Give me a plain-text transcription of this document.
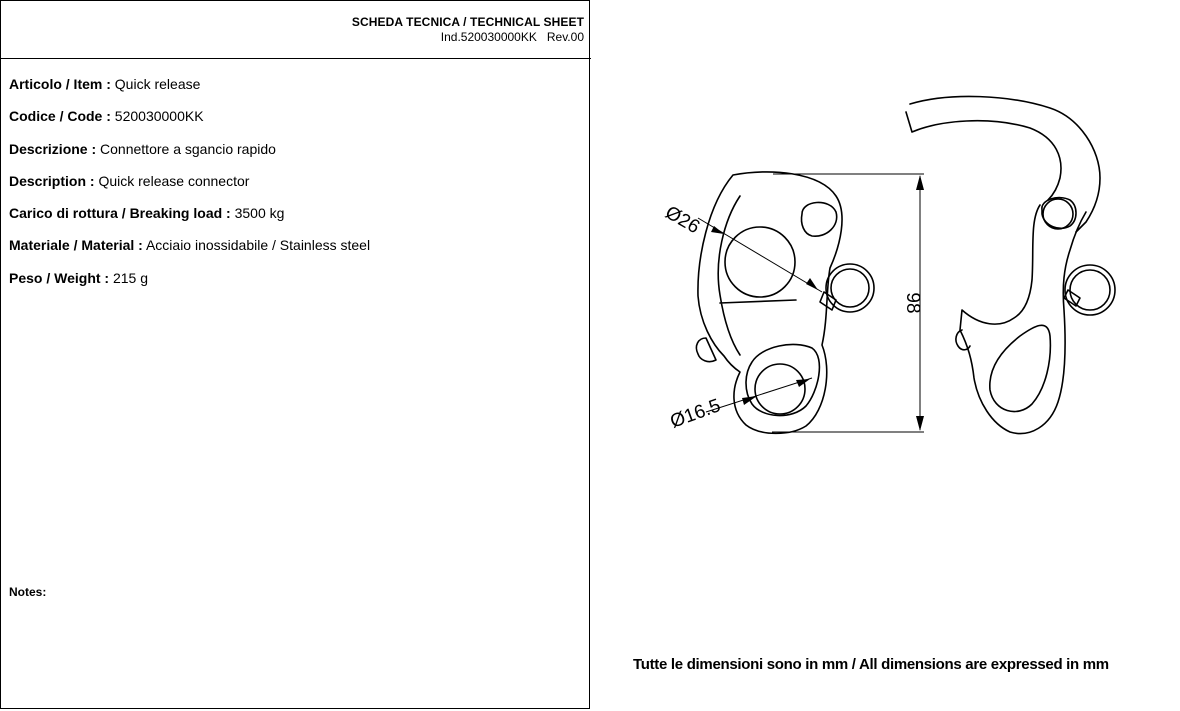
SCHEDA TECNICA / TECHNICAL SHEET
Ind.520030000KK Rev.00
Articolo / Item : Quick release
Codice / Code : 520030000KK
Descrizione : Connettore a sgancio rapido
Description : Quick release connector
Carico di rottura / Breaking load : 3500 kg
Materiale / Material : Acciaio inossidabile / Stainless steel
Peso / Weight : 215 g
Notes:
Ø26
Ø16.5
98
Tutte le dimensioni sono in mm / All dimensions are expressed in mm
